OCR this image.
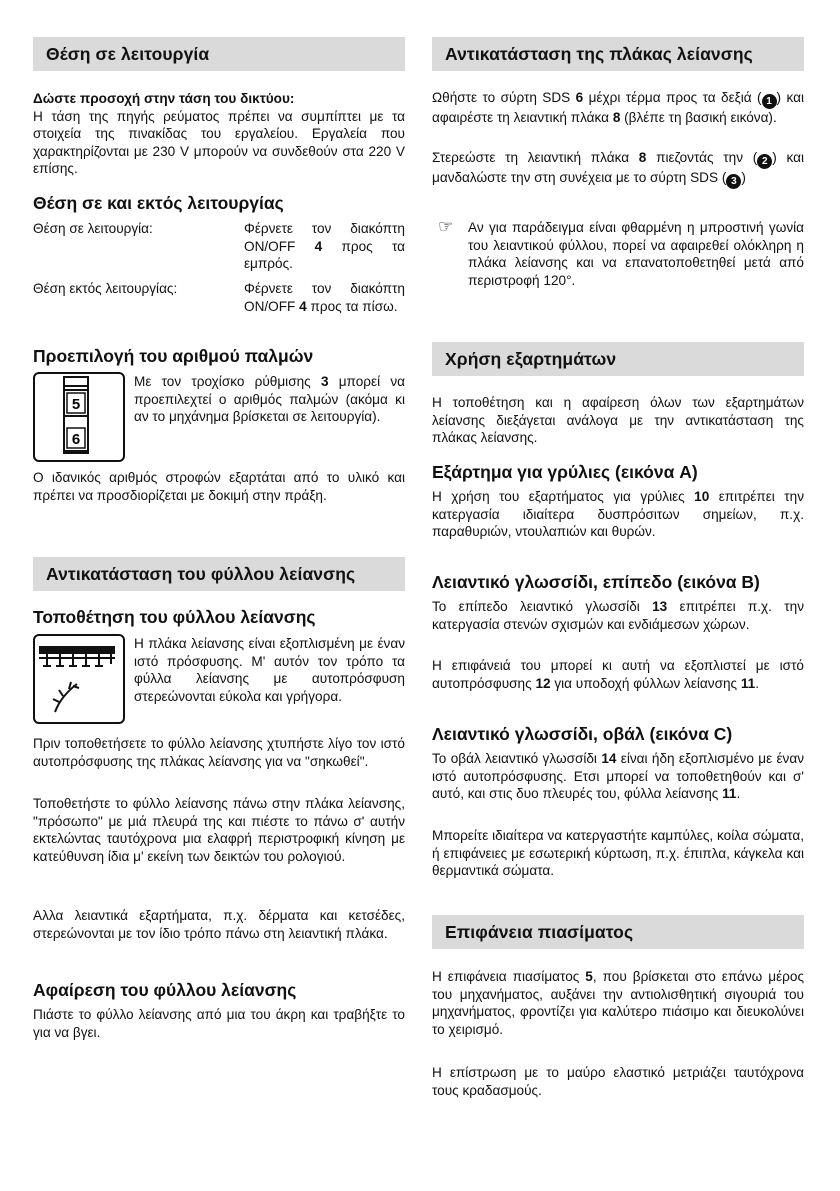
Θέση σε λειτουργία
Δώστε προσοχή στην τάση του δικτύου:
Η τάση της πηγής ρεύματος πρέπει να συμπίπτει με τα στοιχεία της πινακίδας του εργαλείου. Εργαλεία που χαρακτηρίζονται με 230 V μπορούν να συνδεθούν στα 220 V επίσης.
Θέση σε και εκτός λειτουργίας
Θέση σε λειτουργία:	Φέρνετε τον διακόπτη ON/OFF 4 προς τα εμπρός.
Θέση εκτός λειτουργίας:	Φέρνετε τον διακόπτη ON/OFF 4 προς τα πίσω.
Προεπιλογή του αριθμού παλμών
5
6
Με τον τροχίσκο ρύθμισης 3 μπορεί να προεπιλεχτεί ο αριθμός παλμών (ακόμα κι αν το μηχάνημα βρίσκεται σε λειτουργία).
Ο ιδανικός αριθμός στροφών εξαρτάται από το υλικό και πρέπει να προσδιορίζεται με δοκιμή στην πράξη.
Αντικατάσταση του φύλλου λείανσης
Τοποθέτηση του φύλλου λείανσης
Η πλάκα λείανσης είναι εξοπλισμένη με έναν ιστό πρόσφυσης. Μ' αυτόν τον τρόπο τα φύλλα λείανσης με αυτοπρόσφυση στερεώνονται εύκολα και γρήγορα.
Πριν τοποθετήσετε το φύλλο λείανσης χτυπήστε λίγο τον ιστό αυτοπρόσφυσης της πλάκας λείανσης για να "σηκωθεί".
Τοποθετήστε το φύλλο λείανσης πάνω στην πλάκα λείανσης, "πρόσωπο" με μιά πλευρά της και πιέστε το πάνω σ' αυτήν εκτελώντας ταυτόχρονα μια ελαφρή περιστροφική κίνηση με κατεύθυνση ίδια μ' εκείνη των δεικτών του ρολογιού.
Αλλα λειαντικά εξαρτήματα, π.χ. δέρματα και κετσέδες, στερεώνονται με τον ίδιο τρόπο πάνω στη λειαντική πλάκα.
Αφαίρεση του φύλλου λείανσης
Πιάστε το φύλλο λείανσης από μια του άκρη και τραβήξτε το για να βγει.
Αντικατάσταση της πλάκας λείανσης
Ωθήστε το σύρτη SDS 6 μέχρι τέρμα προς τα δεξιά ( 1 ) και αφαιρέστε τη λειαντική πλάκα 8 (βλέπε τη βασική εικόνα).
Στερεώστε τη λειαντική πλάκα 8 πιεζοντάς την ( 2 ) και μανδαλώστε την στη συνέχεια με το σύρτη SDS ( 3 )
☞ Αν για παράδειγμα είναι φθαρμένη η μπροστινή γωνία του λειαντικού φύλλου, πορεί να αφαιρεθεί ολόκληρη η πλάκα λείανσης και να επανατοποθετηθεί μετά από περιστροφή 120°.
Χρήση εξαρτημάτων
Η τοποθέτηση και η αφαίρεση όλων των εξαρτημάτων λείανσης διεξάγεται ανάλογα με την αντικατάσταση της πλάκας λείανσης.
Εξάρτημα για γρύλιες (εικόνα A)
Η χρήση του εξαρτήματος για γρύλιες 10 επιτρέπει την κατεργασία ιδιαίτερα δυσπρόσιτων σημείων, π.χ. παραθυριών, ντουλαπιών και θυρών.
Λειαντικό γλωσσίδι, επίπεδο (εικόνα B)
Το επίπεδο λειαντικό γλωσσίδι 13 επιτρέπει π.χ. την κατεργασία στενών σχισμών και ενδιάμεσων χώρων.
Η επιφάνειά του μπορεί κι αυτή να εξοπλιστεί με ιστό αυτοπρόσφυσης 12 για υποδοχή φύλλων λείανσης 11.
Λειαντικό γλωσσίδι, οβάλ (εικόνα C)
Το οβάλ λειαντικό γλωσσίδι 14 είναι ήδη εξοπλισμένο με έναν ιστό αυτοπρόσφυσης. Ετσι μπορεί να τοποθετηθούν και σ' αυτό, και στις δυο πλευρές του, φύλλα λείανσης 11.
Μπορείτε ιδιαίτερα να κατεργαστήτε καμπύλες, κοίλα σώματα, ή επιφάνειες με εσωτερική κύρτωση, π.χ. έπιπλα, κάγκελα και θερμαντικά σώματα.
Επιφάνεια πιασίματος
Η επιφάνεια πιασίματος 5, που βρίσκεται στο επάνω μέρος του μηχανήματος, αυξάνει την αντιολισθητική σιγουριά του μηχανήματος, φροντίζει για καλύτερο πιάσιμο και διευκολύνει το χειρισμό.
Η επίστρωση με το μαύρο ελαστικό μετριάζει ταυτόχρονα τους κραδασμούς.
